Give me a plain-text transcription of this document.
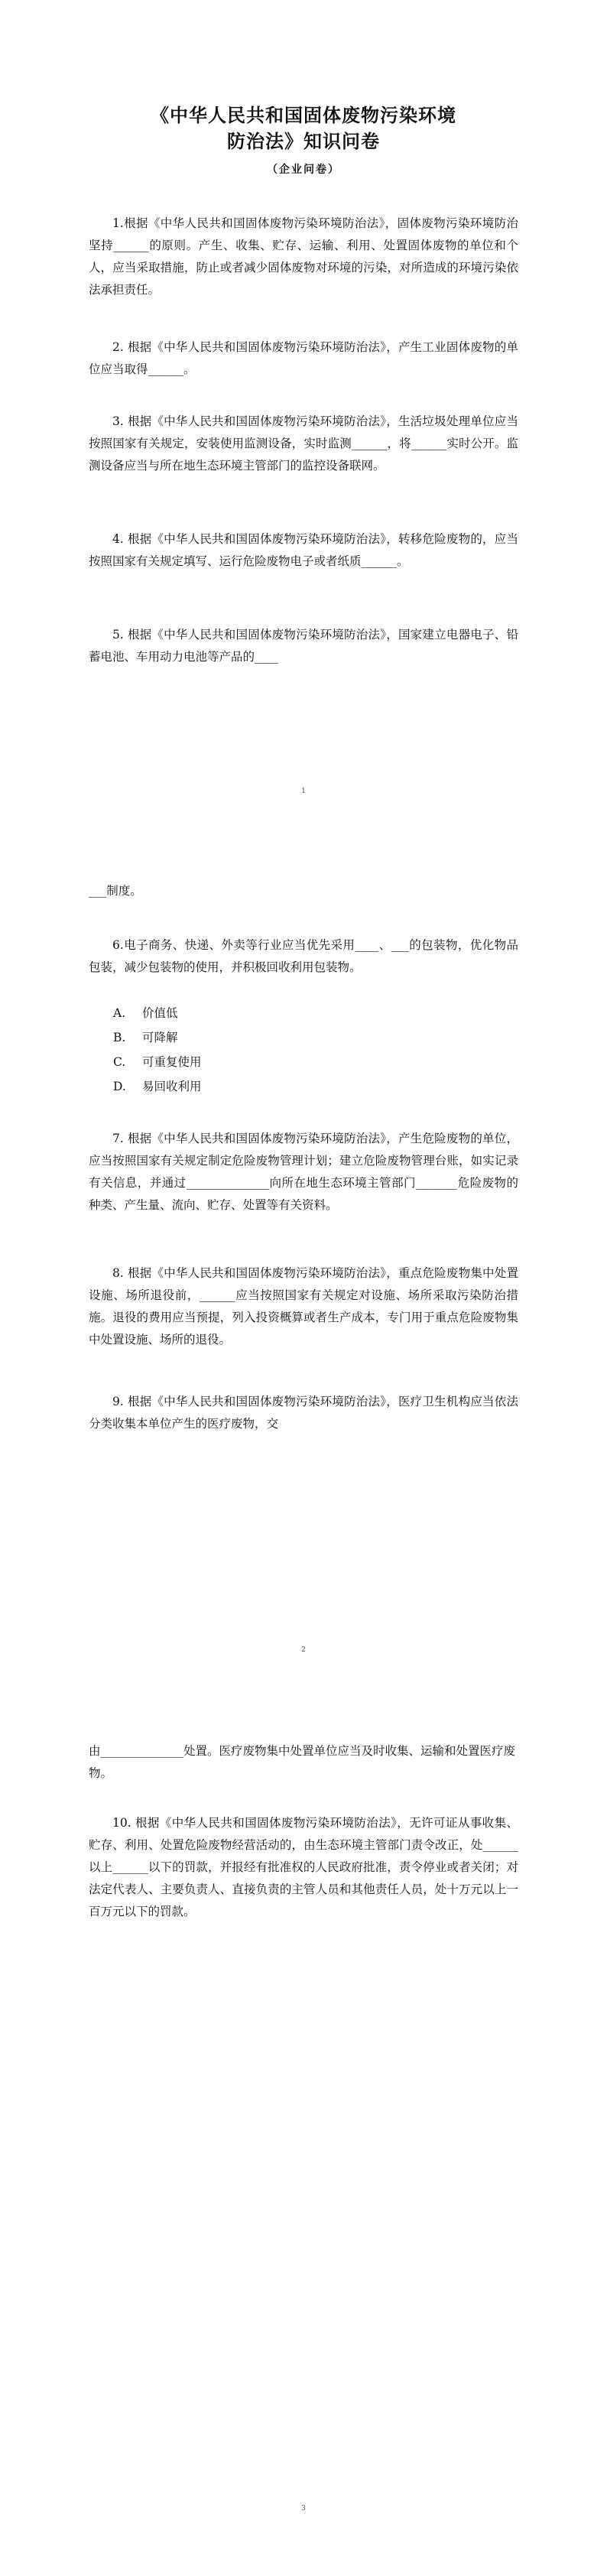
《中华人民共和国固体废物污染环境
防治法》知识问卷
（企业问卷）

1.根据《中华人民共和国固体废物污染环境防治法》，固体废物污染环境防治坚持______的原则。产生、收集、贮存、运输、利用、处置固体废物的单位和个人，应当采取措施，防止或者减少固体废物对环境的污染，对所造成的环境污染依法承担责任。

2. 根据《中华人民共和国固体废物污染环境防治法》，产生工业固体废物的单位应当取得______。

3. 根据《中华人民共和国固体废物污染环境防治法》，生活垃圾处理单位应当按照国家有关规定，安装使用监测设备，实时监测______，将______实时公开。监测设备应当与所在地生态环境主管部门的监控设备联网。

4. 根据《中华人民共和国固体废物污染环境防治法》，转移危险废物的，应当按照国家有关规定填写、运行危险废物电子或者纸质______。

5. 根据《中华人民共和国固体废物污染环境防治法》，国家建立电器电子、铅蓄电池、车用动力电池等产品的____

1

___制度。

6.电子商务、快递、外卖等行业应当优先采用____、___的包装物，优化物品包装，减少包装物的使用，并积极回收利用包装物。

A. 价值低
B. 可降解
C. 可重复使用
D. 易回收利用

7. 根据《中华人民共和国固体废物污染环境防治法》，产生危险废物的单位，应当按照国家有关规定制定危险废物管理计划；建立危险废物管理台账，如实记录有关信息，并通过______________向所在地生态环境主管部门_______危险废物的种类、产生量、流向、贮存、处置等有关资料。

8. 根据《中华人民共和国固体废物污染环境防治法》，重点危险废物集中处置设施、场所退役前，______应当按照国家有关规定对设施、场所采取污染防治措施。退役的费用应当预提，列入投资概算或者生产成本，专门用于重点危险废物集中处置设施、场所的退役。

9. 根据《中华人民共和国固体废物污染环境防治法》，医疗卫生机构应当依法分类收集本单位产生的医疗废物，交

2

由______________处置。医疗废物集中处置单位应当及时收集、运输和处置医疗废物。

10. 根据《中华人民共和国固体废物污染环境防治法》，无许可证从事收集、贮存、利用、处置危险废物经营活动的，由生态环境主管部门责令改正，处______以上______以下的罚款，并报经有批准权的人民政府批准，责令停业或者关闭；对法定代表人、主要负责人、直接负责的主管人员和其他责任人员，处十万元以上一百万元以下的罚款。

3
